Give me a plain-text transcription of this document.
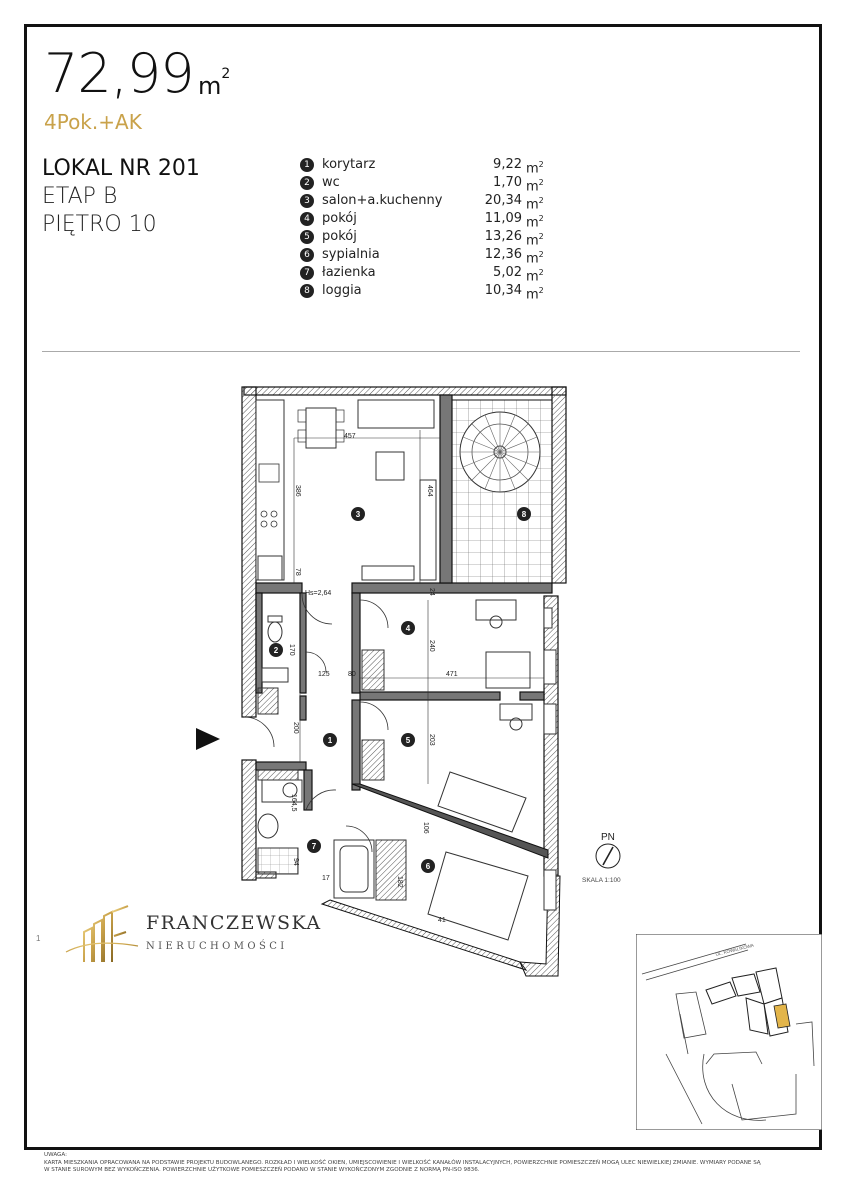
72,99 $m^2$
4Pok.+AK
LOKAL NR 201
ETAP B
PIĘTRO 10
1 korytarz	9,22 $m^2$
2 wc	1,70 $m^2$
3 salon+a.kuchenny	20,34 $m^2$
4 pokój	11,09 $m^2$
5 pokój	13,26 $m^2$
6 sypialnia	12,36 $m^2$
7 łazienka	5,02 $m^2$
8 loggia	10,34 $m^2$
457
386	464
78
Hs=2,64	24
240
170
125	80	471
200
203
164,5
106
182
94
17
41
1
2
3
4
5
6
7
8
PN
SKALA 1:100
FRANCZEWSKA
NIERUCHOMOŚCI
1
UL. KOWALIKOWA
UWAGA:
KARTA MIESZKANIA OPRACOWANA NA PODSTAWIE PROJEKTU BUDOWLANEGO. ROZKŁAD I WIELKOŚĆ OKIEN, UMIEJSCOWIENIE I WIELKOŚĆ KANAŁÓW INSTALACYJNYCH, POWIERZCHNIE POMIESZCZEŃ MOGĄ ULEC NIEWIELKIEJ ZMIANIE. WYMIARY PODANE SĄ
W STANIE SUROWYM BEZ WYKOŃCZENIA. POWIERZCHNIE UŻYTKOWE POMIESZCZEŃ PODANO W STANIE WYKOŃCZONYM ZGODNIE Z NORMĄ PN-ISO 9836.
